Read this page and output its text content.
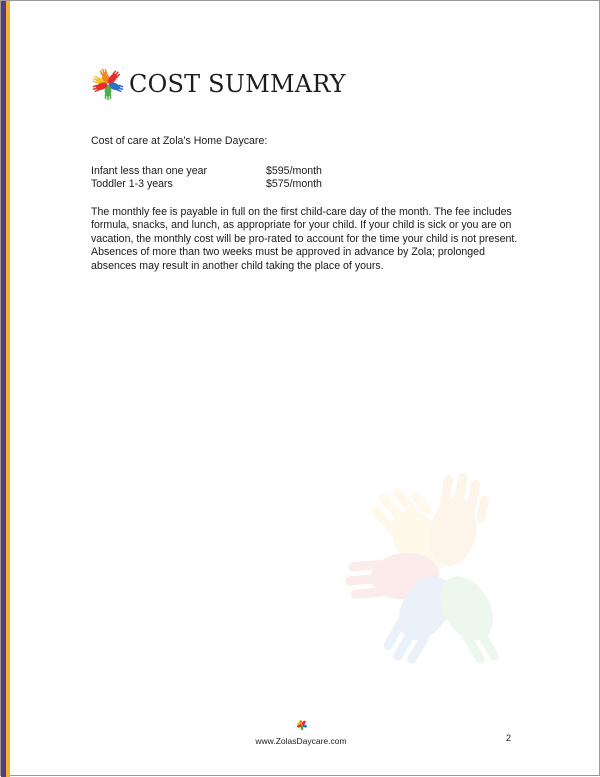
COST SUMMARY

Cost of care at Zola's Home Daycare:

Infant less than one year	$595/month
Toddler 1-3 years	$575/month

The monthly fee is payable in full on the first child-care day of the month. The fee includes formula, snacks, and lunch, as appropriate for your child. If your child is sick or you are on vacation, the monthly cost will be pro-rated to account for the time your child is not present. Absences of more than two weeks must be approved in advance by Zola; prolonged absences may result in another child taking the place of yours.

www.ZolasDaycare.com	2
